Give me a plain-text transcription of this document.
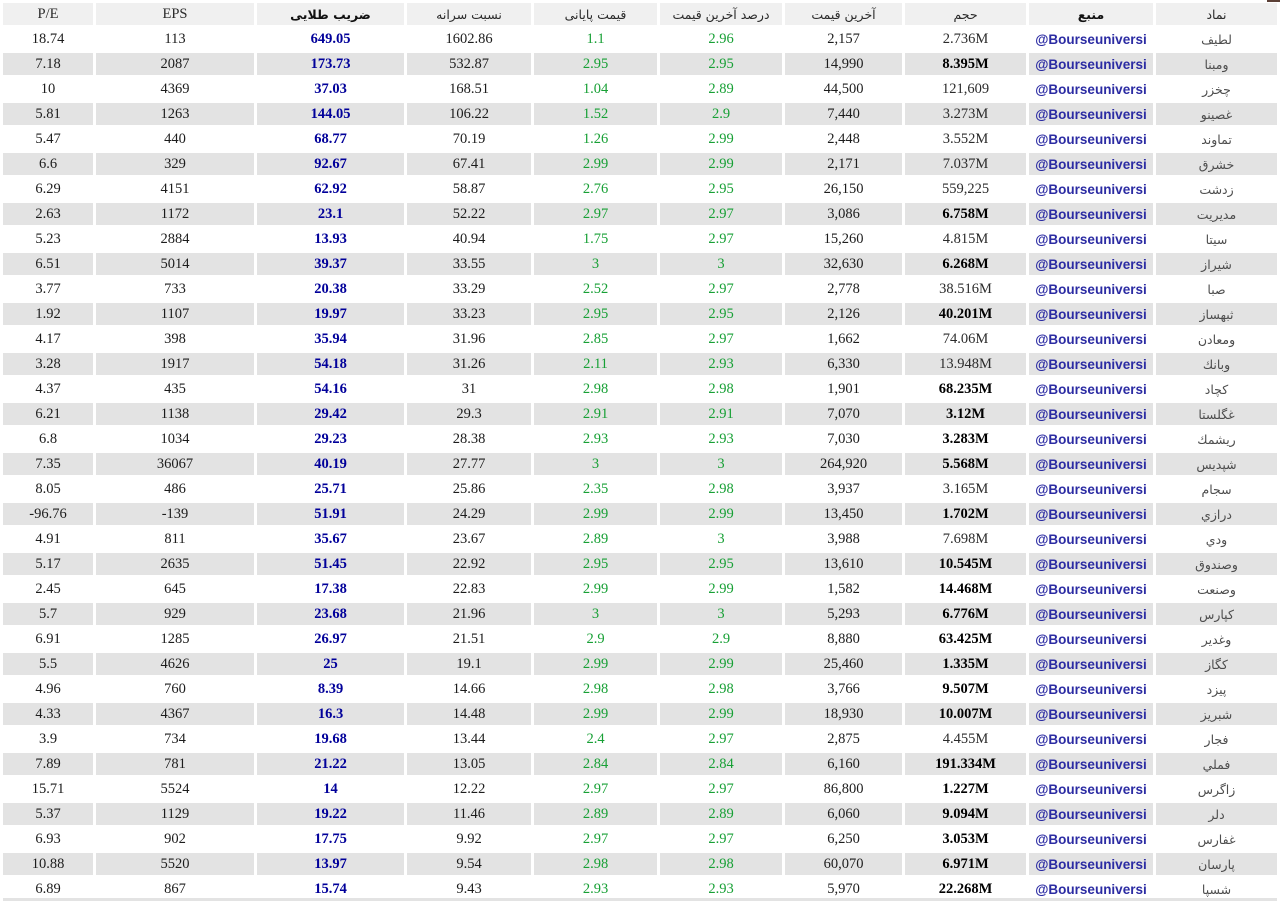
نماد	منبع	حجم	آخرین قیمت	درصد آخرین قیمت	قیمت پایانی	نسبت سرانه	ضریب طلایی	EPS	P/E
لطیف	@Bourseuniversi	2.736M	2,157	2.96	1.1	1602.86	649.05	113	18.74
ومبنا	@Bourseuniversi	8.395M	14,990	2.95	2.95	532.87	173.73	2087	7.18
چخزر	@Bourseuniversi	121,609	44,500	2.89	1.04	168.51	37.03	4369	10
غصینو	@Bourseuniversi	3.273M	7,440	2.9	1.52	106.22	144.05	1263	5.81
تماوند	@Bourseuniversi	3.552M	2,448	2.99	1.26	70.19	68.77	440	5.47
خشرق	@Bourseuniversi	7.037M	2,171	2.99	2.99	67.41	92.67	329	6.6
زدشت	@Bourseuniversi	559,225	26,150	2.95	2.76	58.87	62.92	4151	6.29
مدیریت	@Bourseuniversi	6.758M	3,086	2.97	2.97	52.22	23.1	1172	2.63
سیتا	@Bourseuniversi	4.815M	15,260	2.97	1.75	40.94	13.93	2884	5.23
شیراز	@Bourseuniversi	6.268M	32,630	3	3	33.55	39.37	5014	6.51
صبا	@Bourseuniversi	38.516M	2,778	2.97	2.52	33.29	20.38	733	3.77
ثبهساز	@Bourseuniversi	40.201M	2,126	2.95	2.95	33.23	19.97	1107	1.92
ومعادن	@Bourseuniversi	74.06M	1,662	2.97	2.85	31.96	35.94	398	4.17
وبانك	@Bourseuniversi	13.948M	6,330	2.93	2.11	31.26	54.18	1917	3.28
كچاد	@Bourseuniversi	68.235M	1,901	2.98	2.98	31	54.16	435	4.37
غگلستا	@Bourseuniversi	3.12M	7,070	2.91	2.91	29.3	29.42	1138	6.21
ریشمك	@Bourseuniversi	3.283M	7,030	2.93	2.93	28.38	29.23	1034	6.8
شپدیس	@Bourseuniversi	5.568M	264,920	3	3	27.77	40.19	36067	7.35
سجام	@Bourseuniversi	3.165M	3,937	2.98	2.35	25.86	25.71	486	8.05
درازي	@Bourseuniversi	1.702M	13,450	2.99	2.99	24.29	51.91	-139	-96.76
ودي	@Bourseuniversi	7.698M	3,988	3	2.89	23.67	35.67	811	4.91
وصندوق	@Bourseuniversi	10.545M	13,610	2.95	2.95	22.92	51.45	2635	5.17
وصنعت	@Bourseuniversi	14.468M	1,582	2.99	2.99	22.83	17.38	645	2.45
كپارس	@Bourseuniversi	6.776M	5,293	3	3	21.96	23.68	929	5.7
وغدیر	@Bourseuniversi	63.425M	8,880	2.9	2.9	21.51	26.97	1285	6.91
كگاز	@Bourseuniversi	1.335M	25,460	2.99	2.99	19.1	25	4626	5.5
پیزد	@Bourseuniversi	9.507M	3,766	2.98	2.98	14.66	8.39	760	4.96
شبریز	@Bourseuniversi	10.007M	18,930	2.99	2.99	14.48	16.3	4367	4.33
فجار	@Bourseuniversi	4.455M	2,875	2.97	2.4	13.44	19.68	734	3.9
فملي	@Bourseuniversi	191.334M	6,160	2.84	2.84	13.05	21.22	781	7.89
زاگرس	@Bourseuniversi	1.227M	86,800	2.97	2.97	12.22	14	5524	15.71
دلر	@Bourseuniversi	9.094M	6,060	2.89	2.89	11.46	19.22	1129	5.37
غفارس	@Bourseuniversi	3.053M	6,250	2.97	2.97	9.92	17.75	902	6.93
پارسان	@Bourseuniversi	6.971M	60,070	2.98	2.98	9.54	13.97	5520	10.88
شسپا	@Bourseuniversi	22.268M	5,970	2.93	2.93	9.43	15.74	867	6.89
